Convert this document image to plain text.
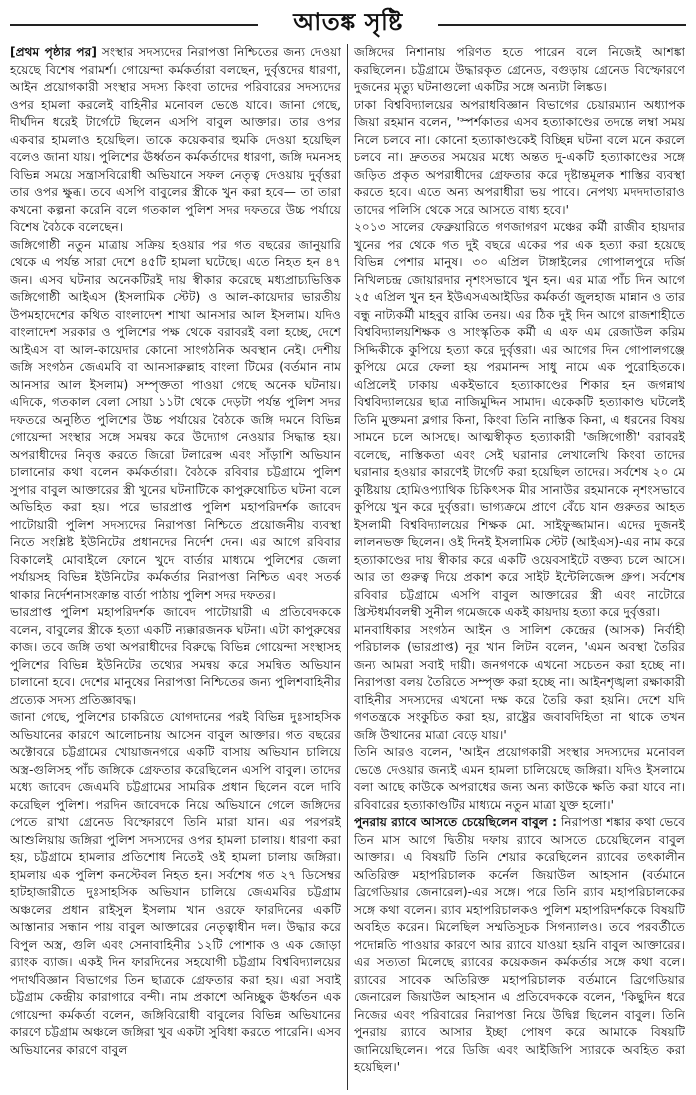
আতঙ্ক সৃষ্টি

[প্রথম পৃষ্ঠার পর] সংস্থার সদস্যদের নিরাপত্তা নিশ্চিতের জন্য দেওয়া হয়েছে বিশেষ পরামর্শ। গোয়েন্দা কর্মকর্তারা বলছেন, দুর্বৃত্তদের ধারণা, আইন প্রয়োগকারী সংস্থার সদস্য কিংবা তাদের পরিবারের সদস্যদের ওপর হামলা করলেই বাহিনীর মনোবল ভেঙে যাবে। জানা গেছে, দীর্ঘদিন ধরেই টার্গেটে ছিলেন এসপি বাবুল আক্তার। তার ওপর একবার হামলাও হয়েছিল। তাকে কয়েকবার হুমকি দেওয়া হয়েছিল বলেও জানা যায়। পুলিশের ঊর্ধ্বতন কর্মকর্তাদের ধারণা, জঙ্গি দমনসহ বিভিন্ন সময়ে সন্ত্রাসবিরোধী অভিযানে সফল নেতৃত্ব দেওয়ায় দুর্বৃত্তরা তার ওপর ক্ষুব্ধ। তবে এসপি বাবুলের স্ত্রীকে খুন করা হবে— তা তারা কখনো কল্পনা করেনি বলে গতকাল পুলিশ সদর দফতরে উচ্চ পর্যায়ে বিশেষ বৈঠকে বলেছেন।

জঙ্গিগোষ্ঠী নতুন মাত্রায় সক্রিয় হওয়ার পর গত বছরের জানুয়ারি থেকে এ পর্যন্ত সারা দেশে ৪৫টি হামলা ঘটেছে। এতে নিহত হন ৪৭ জন। এসব ঘটনার অনেকটিরই দায় স্বীকার করেছে মধ্যপ্রাচ্যভিত্তিক জঙ্গিগোষ্ঠী আইএস (ইসলামিক স্টেট) ও আল-কায়েদার ভারতীয় উপমহাদেশের কথিত বাংলাদেশ শাখা আনসার আল ইসলাম। যদিও বাংলাদেশ সরকার ও পুলিশের পক্ষ থেকে বরাবরই বলা হচ্ছে, দেশে আইএস বা আল-কায়েদার কোনো সাংগঠনিক অবস্থান নেই। দেশীয় জঙ্গি সংগঠন জেএমবি বা আনসারুল্লাহ বাংলা টিমের (বর্তমান নাম আনসার আল ইসলাম) সম্পৃক্ততা পাওয়া গেছে অনেক ঘটনায়। এদিকে, গতকাল বেলা সোয়া ১১টা থেকে দেড়টা পর্যন্ত পুলিশ সদর দফতরে অনুষ্ঠিত পুলিশের উচ্চ পর্যায়ের বৈঠকে জঙ্গি দমনে বিভিন্ন গোয়েন্দা সংস্থার সঙ্গে সমন্বয় করে উদ্যোগ নেওয়ার সিদ্ধান্ত হয়। অপরাধীদের নিবৃত্ত করতে জিরো টলারেন্স এবং সাঁড়াশি অভিযান চালানোর কথা বলেন কর্মকর্তারা। বৈঠকে রবিবার চট্টগ্রামে পুলিশ সুপার বাবুল আক্তারের স্ত্রী খুনের ঘটনাটিকে কাপুরুষোচিত ঘটনা বলে অভিহিত করা হয়। পরে ভারপ্রাপ্ত পুলিশ মহাপরিদর্শক জাবেদ পাটোয়ারী পুলিশ সদস্যদের নিরাপত্তা নিশ্চিতে প্রয়োজনীয় ব্যবস্থা নিতে সংশ্লিষ্ট ইউনিটের প্রধানদের নির্দেশ দেন। এর আগে রবিবার বিকালেই মোবাইলে ফোনে খুদে বার্তার মাধ্যমে পুলিশের জেলা পর্যায়সহ বিভিন্ন ইউনিটের কর্মকর্তার নিরাপত্তা নিশ্চিত এবং সতর্ক থাকার নির্দেশনাসংক্রান্ত বার্তা পাঠায় পুলিশ সদর দফতর।

ভারপ্রাপ্ত পুলিশ মহাপরিদর্শক জাবেদ পাটোয়ারী এ প্রতিবেদককে বলেন, বাবুলের স্ত্রীকে হত্যা একটি ন্যক্কারজনক ঘটনা। এটা কাপুরুষের কাজ। তবে জঙ্গি তথা অপরাধীদের বিরুদ্ধে বিভিন্ন গোয়েন্দা সংস্থাসহ পুলিশের বিভিন্ন ইউনিটের তথ্যের সমন্বয় করে সমন্বিত অভিযান চালানো হবে। দেশের মানুষের নিরাপত্তা নিশ্চিতের জন্য পুলিশবাহিনীর প্রত্যেক সদস্য প্রতিজ্ঞাবদ্ধ।

জানা গেছে, পুলিশের চাকরিতে যোগদানের পরই বিভিন্ন দুঃসাহসিক অভিযানের কারণে আলোচনায় আসেন বাবুল আক্তার। গত বছরের অক্টোবরে চট্টগ্রামের খোয়াজনগরে একটি বাসায় অভিযান চালিয়ে অস্ত্র-গুলিসহ পাঁচ জঙ্গিকে গ্রেফতার করেছিলেন এসপি বাবুল। তাদের মধ্যে জাবেদ জেএমবি চট্টগ্রামের সামরিক প্রধান ছিলেন বলে দাবি করেছিল পুলিশ। পরদিন জাবেদকে নিয়ে অভিযানে গেলে জঙ্গিদের পেতে রাখা গ্রেনেড বিস্ফোরণে তিনি মারা যান। এর পরপরই আশুলিয়ায় জঙ্গিরা পুলিশ সদস্যদের ওপর হামলা চালায়। ধারণা করা হয়, চট্টগ্রামে হামলার প্রতিশোধ নিতেই ওই হামলা চালায় জঙ্গিরা। হামলায় এক পুলিশ কনস্টেবল নিহত হন। সর্বশেষ গত ২৭ ডিসেম্বর হাটহাজারীতে দুঃসাহসিক অভিযান চালিয়ে জেএমবির চট্টগ্রাম অঞ্চলের প্রধান রাইসুল ইসলাম খান ওরফে ফারদিনের একটি আস্তানার সন্ধান পায় বাবুল আক্তারের নেতৃত্বাধীন দল। উদ্ধার করে বিপুল অস্ত্র, গুলি এবং সেনাবাহিনীর ১২টি পোশাক ও এক জোড়া র‌্যাংক ব্যাজ। একই দিন ফারদিনের সহযোগী চট্টগ্রাম বিশ্ববিদ্যালয়ের পদার্থবিজ্ঞান বিভাগের তিন ছাত্রকে গ্রেফতার করা হয়। এরা সবাই চট্টগ্রাম কেন্দ্রীয় কারাগারে বন্দী। নাম প্রকাশে অনিচ্ছুক ঊর্ধ্বতন এক গোয়েন্দা কর্মকর্তা বলেন, জঙ্গিবিরোধী বাবুলের বিভিন্ন অভিযানের কারণে চট্টগ্রাম অঞ্চলে জঙ্গিরা খুব একটা সুবিধা করতে পারেনি। এসব অভিযানের কারণে বাবুল

জঙ্গিদের নিশানায় পরিণত হতে পারেন বলে নিজেই আশঙ্কা করছিলেন। চট্টগ্রামে উদ্ধারকৃত গ্রেনেড, বগুড়ায় গ্রেনেড বিস্ফোরণে দুজনের মৃত্যু ঘটনাগুলো একটির সঙ্গে অন্যটা লিঙ্কড।

ঢাকা বিশ্ববিদ্যালয়ের অপরাধবিজ্ঞান বিভাগের চেয়ারম্যান অধ্যাপক জিয়া রহমান বলেন, 'স্পর্শকাতর এসব হত্যাকাণ্ডের তদন্তে লম্বা সময় নিলে চলবে না। কোনো হত্যাকাণ্ডকেই বিচ্ছিন্ন ঘটনা বলে মনে করলে চলবে না। দ্রুততর সময়ের মধ্যে অন্তত দু-একটি হত্যাকাণ্ডের সঙ্গে জড়িত প্রকৃত অপরাধীদের গ্রেফতার করে দৃষ্টান্তমূলক শাস্তির ব্যবস্থা করতে হবে। এতে অন্য অপরাধীরা ভয় পাবে। নেপথ্য মদদদাতারাও তাদের পলিসি থেকে সরে আসতে বাধ্য হবে।'

২০১৩ সালের ফেব্রুয়ারিতে গণজাগরণ মঞ্চের কর্মী রাজীব হায়দার খুনের পর থেকে গত দুই বছরে একের পর এক হত্যা করা হয়েছে বিভিন্ন পেশার মানুষ। ৩০ এপ্রিল টাঙ্গাইলের গোপালপুরে দর্জি নিখিলচন্দ্র জোয়ারদার নৃশংসভাবে খুন হন। এর মাত্র পাঁচ দিন আগে ২৫ এপ্রিল খুন হন ইউএসএআইডির কর্মকর্তা জুলহাজ মান্নান ও তার বন্ধু নাট্যকর্মী মাহবুব রাব্বি তনয়। এর ঠিক দুই দিন আগে রাজশাহীতে বিশ্ববিদ্যালয়শিক্ষক ও সাংস্কৃতিক কর্মী এ এফ এম রেজাউল করিম সিদ্দিকীকে কুপিয়ে হত্যা করে দুর্বৃত্তরা। এর আগের দিন গোপালগঞ্জে কুপিয়ে মেরে ফেলা হয় পরমানন্দ সাধু নামে এক পুরোহিতকে। এপ্রিলেই ঢাকায় একইভাবে হত্যাকাণ্ডের শিকার হন জগন্নাথ বিশ্ববিদ্যালয়ের ছাত্র নাজিমুদ্দিন সামাদ। একেকটি হত্যাকাণ্ড ঘটলেই তিনি মুক্তমনা ব্লগার কিনা, কিংবা তিনি নাস্তিক কিনা, এ ধরনের বিষয় সামনে চলে আসছে। আত্মস্বীকৃত হত্যাকারী 'জঙ্গিগোষ্ঠী' বরাবরই বলেছে, নাস্তিকতা এবং সেই ঘরানার লেখালেখি কিংবা তাদের ঘরানার হওয়ার কারণেই টার্গেট করা হয়েছিল তাদের। সর্বশেষ ২০ মে কুষ্টিয়ায় হোমিওপ্যাথিক চিকিৎসক মীর সানাউর রহমানকে নৃশংসভাবে কুপিয়ে খুন করে দুর্বৃত্তরা। ভাগ্যক্রমে প্রাণে বেঁচে যান গুরুতর আহত ইসলামী বিশ্ববিদ্যালয়ের শিক্ষক মো. সাইফুজ্জামান। এদের দুজনই লালনভক্ত ছিলেন। ওই দিনই ইসলামিক স্টেট (আইএস)-এর নাম করে হত্যাকাণ্ডের দায় স্বীকার করে একটি ওয়েবসাইটে বক্তব্য চলে আসে। আর তা গুরুত্ব দিয়ে প্রকাশ করে সাইট ইন্টেলিজেন্স গ্রুপ। সর্বশেষ রবিবার চট্টগ্রামে এসপি বাবুল আক্তারের স্ত্রী এবং নাটোরে খ্রিস্টধর্মাবলম্বী সুনীল গমেজকে একই কায়দায় হত্যা করে দুর্বৃত্তরা।

মানবাধিকার সংগঠন আইন ও সালিশ কেন্দ্রের (আসক) নির্বাহী পরিচালক (ভারপ্রাপ্ত) নূর খান লিটন বলেন, 'এমন অবস্থা তৈরির জন্য আমরা সবাই দায়ী। জনগণকে এখনো সচেতন করা হচ্ছে না। নিরাপত্তা বলয় তৈরিতে সম্পৃক্ত করা হচ্ছে না। আইনশৃঙ্খলা রক্ষাকারী বাহিনীর সদস্যদের এখনো দক্ষ করে তৈরি করা হয়নি। দেশে যদি গণতন্ত্রকে সংকুচিত করা হয়, রাষ্ট্রের জবাবদিহিতা না থাকে তখন জঙ্গি উত্থানের মাত্রা বেড়ে যায়।'

তিনি আরও বলেন, 'আইন প্রয়োগকারী সংস্থার সদস্যদের মনোবল ভেঙে দেওয়ার জন্যই এমন হামলা চালিয়েছে জঙ্গিরা। যদিও ইসলামে বলা আছে কাউকে অপরাধের জন্য অন্য কাউকে ক্ষতি করা যাবে না। রবিবারের হত্যাকাণ্ডটির মাধ্যমে নতুন মাত্রা যুক্ত হলো।'

পুনরায় র‌্যাবে আসতে চেয়েছিলেন বাবুল : নিরাপত্তা শঙ্কার কথা ভেবে তিন মাস আগে দ্বিতীয় দফায় র‌্যাবে আসতে চেয়েছিলেন বাবুল আক্তার। এ বিষয়টি তিনি শেয়ার করেছিলেন র‌্যাবের তৎকালীন অতিরিক্ত মহাপরিচালক কর্নেল জিয়াউল আহসান (বর্তমানে ব্রিগেডিয়ার জেনারেল)-এর সঙ্গে। পরে তিনি র‌্যাব মহাপরিচালকের সঙ্গে কথা বলেন। র‌্যাব মহাপরিচালকও পুলিশ মহাপরিদর্শককে বিষয়টি অবহিত করেন। মিলেছিল সম্মতিসূচক সিগন্যালও। তবে পরবর্তীতে পদোন্নতি পাওয়ার কারণে আর র‌্যাবে যাওয়া হয়নি বাবুল আক্তারের। এর সত্যতা মিলেছে র‌্যাবের কয়েকজন কর্মকর্তার সঙ্গে কথা বলে। র‌্যাবের সাবেক অতিরিক্ত মহাপরিচালক বর্তমানে ব্রিগেডিয়ার জেনারেল জিয়াউল আহসান এ প্রতিবেদককে বলেন, 'কিছুদিন ধরে নিজের এবং পরিবারের নিরাপত্তা নিয়ে উদ্বিগ্ন ছিলেন বাবুল। তিনি পুনরায় র‌্যাবে আসার ইচ্ছা পোষণ করে আমাকে বিষয়টি জানিয়েছিলেন। পরে ডিজি এবং আইজিপি স্যারকে অবহিত করা হয়েছিল।'
